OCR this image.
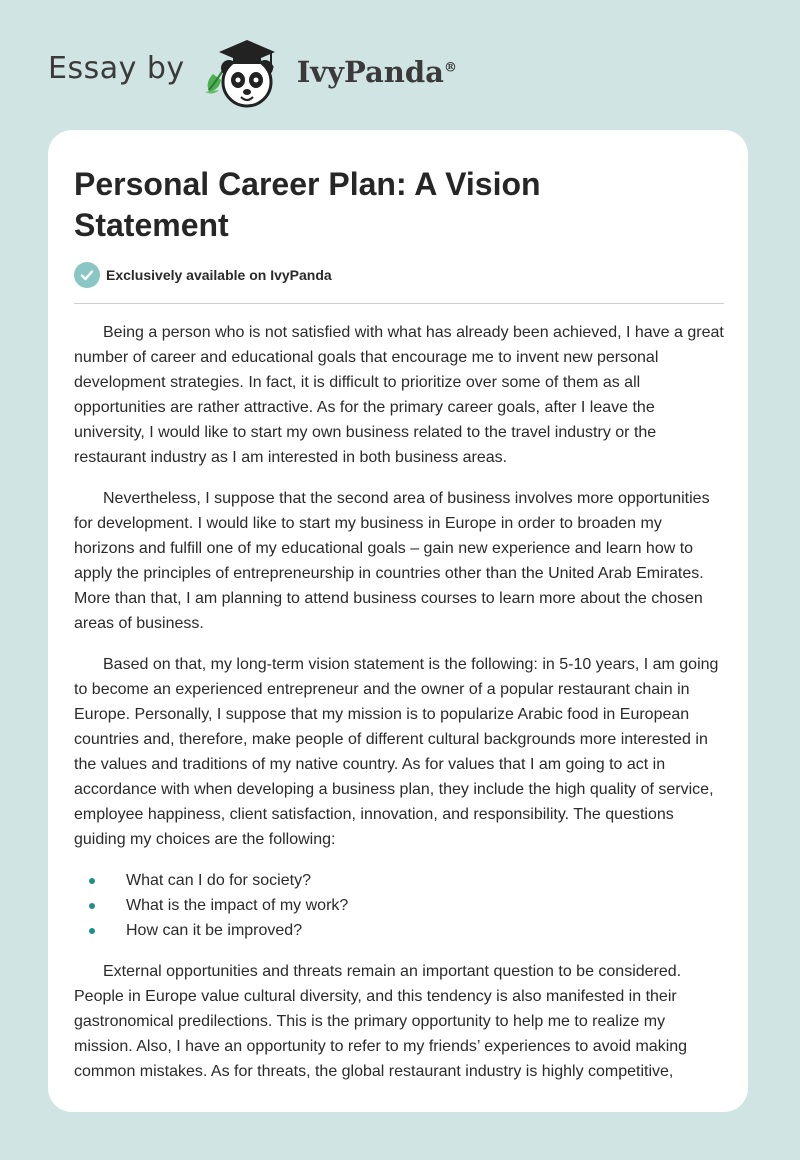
Essay by	IvyPanda®
Personal Career Plan: A Vision Statement
Exclusively available on IvyPanda

Being a person who is not satisfied with what has already been achieved, I have a great number of career and educational goals that encourage me to invent new personal development strategies. In fact, it is difficult to prioritize over some of them as all opportunities are rather attractive. As for the primary career goals, after I leave the university, I would like to start my own business related to the travel industry or the restaurant industry as I am interested in both business areas.

Nevertheless, I suppose that the second area of business involves more opportunities for development. I would like to start my business in Europe in order to broaden my horizons and fulfill one of my educational goals – gain new experience and learn how to apply the principles of entrepreneurship in countries other than the United Arab Emirates. More than that, I am planning to attend business courses to learn more about the chosen areas of business.

Based on that, my long-term vision statement is the following: in 5-10 years, I am going to become an experienced entrepreneur and the owner of a popular restaurant chain in Europe. Personally, I suppose that my mission is to popularize Arabic food in European countries and, therefore, make people of different cultural backgrounds more interested in the values and traditions of my native country. As for values that I am going to act in accordance with when developing a business plan, they include the high quality of service, employee happiness, client satisfaction, innovation, and responsibility. The questions guiding my choices are the following:

What can I do for society?
What is the impact of my work?
How can it be improved?

External opportunities and threats remain an important question to be considered. People in Europe value cultural diversity, and this tendency is also manifested in their gastronomical predilections. This is the primary opportunity to help me to realize my mission. Also, I have an opportunity to refer to my friends’ experiences to avoid making common mistakes. As for threats, the global restaurant industry is highly competitive,
